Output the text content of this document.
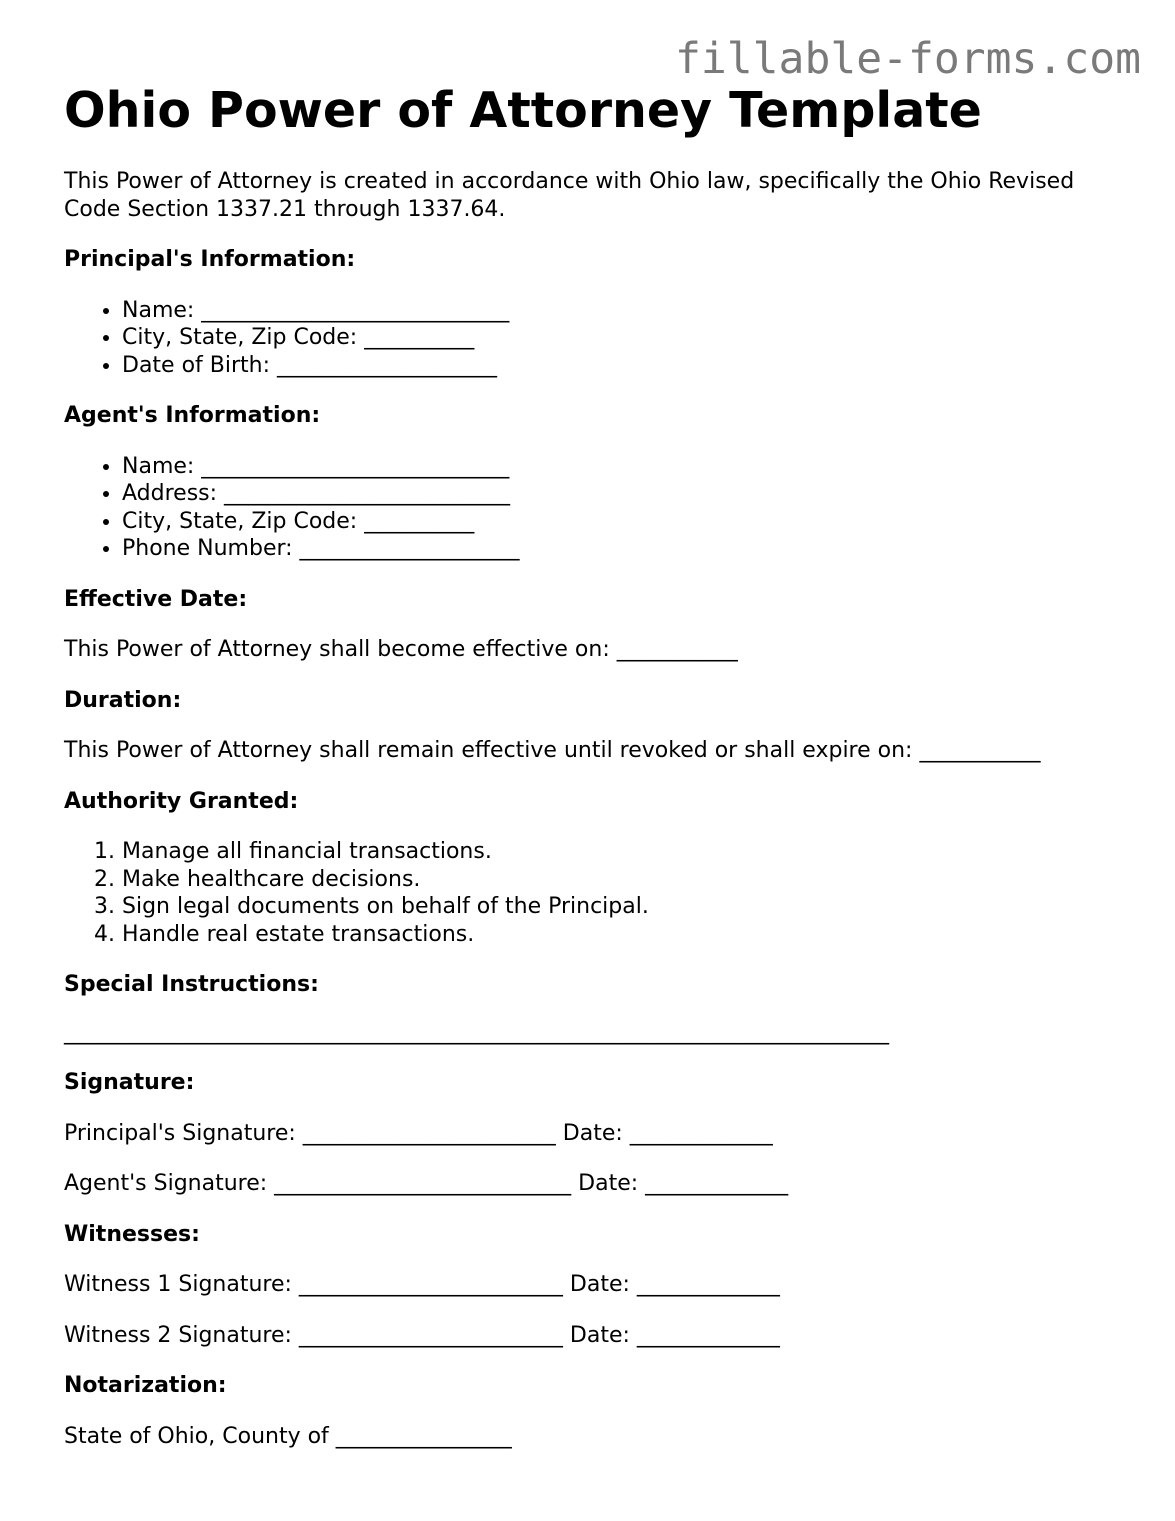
fillable-forms.com
Ohio Power of Attorney Template

This Power of Attorney is created in accordance with Ohio law, specifically the Ohio Revised Code Section 1337.21 through 1337.64.

Principal's Information:

• Name: ____________________________
• City, State, Zip Code: __________
• Date of Birth: ____________________

Agent's Information:

• Name: ____________________________
• Address: __________________________
• City, State, Zip Code: __________
• Phone Number: ____________________

Effective Date:

This Power of Attorney shall become effective on: ___________

Duration:

This Power of Attorney shall remain effective until revoked or shall expire on: ___________

Authority Granted:

1. Manage all financial transactions.
2. Make healthcare decisions.
3. Sign legal documents on behalf of the Principal.
4. Handle real estate transactions.

Special Instructions:

___________________________________________________________________________

Signature:

Principal's Signature: _______________________ Date: _____________

Agent's Signature: ___________________________ Date: _____________

Witnesses:

Witness 1 Signature: ________________________ Date: _____________

Witness 2 Signature: ________________________ Date: _____________

Notarization:

State of Ohio, County of ________________
